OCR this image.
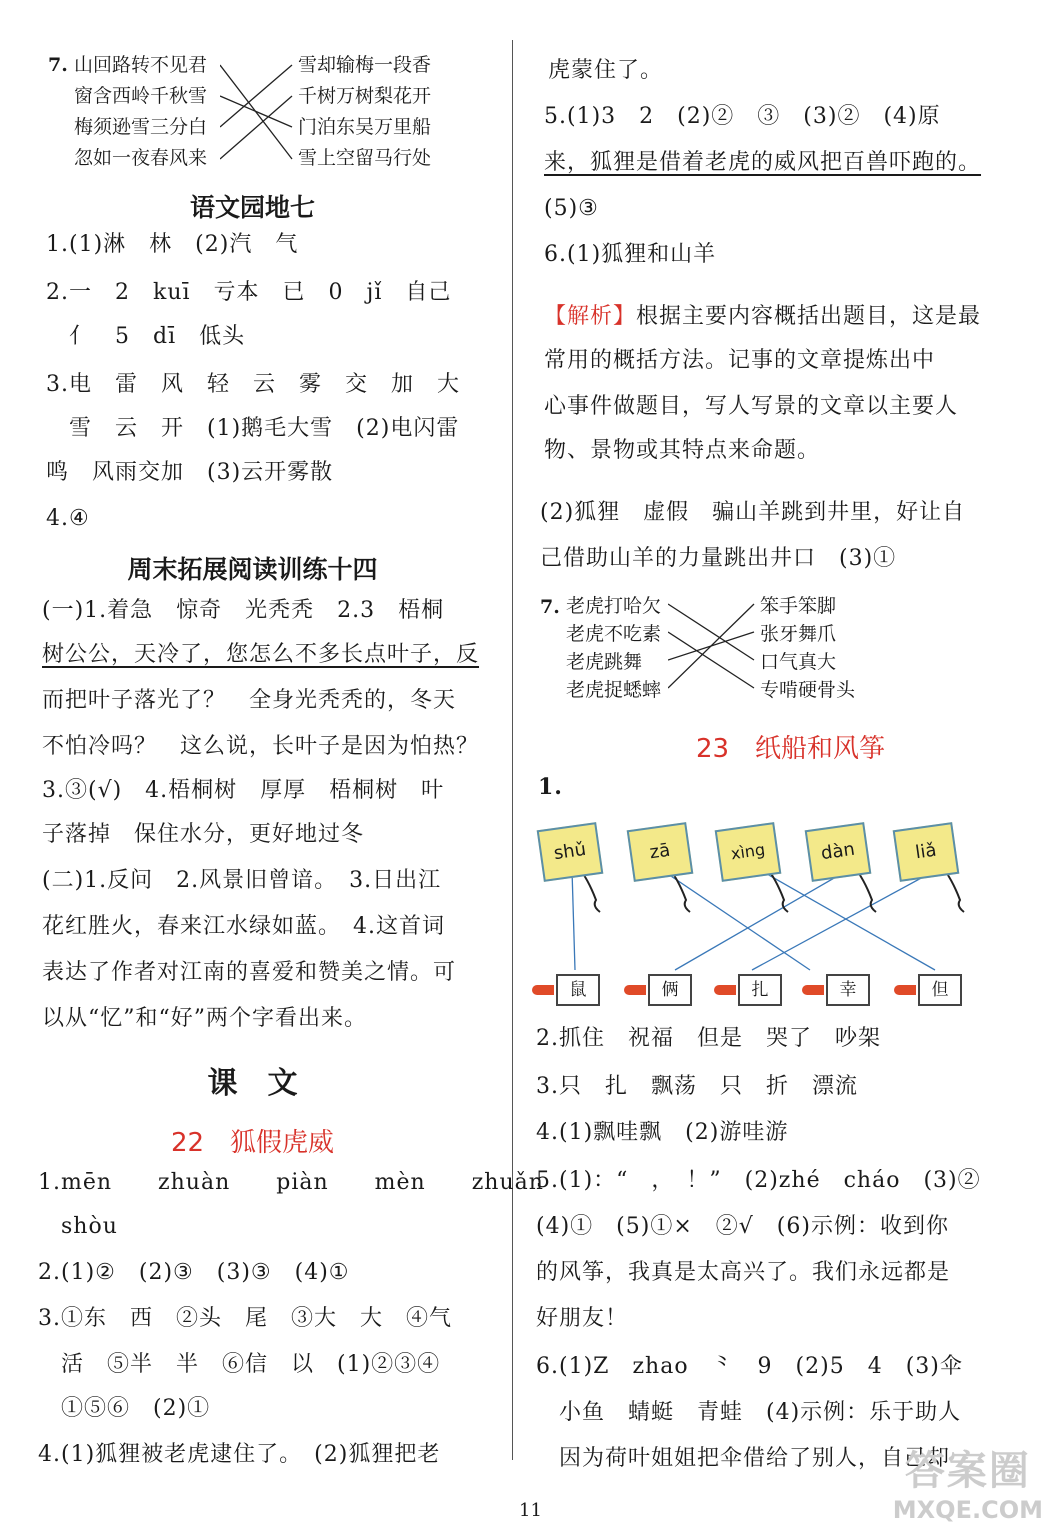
7. 山回路转不见君
窗含西岭千秋雪
梅须逊雪三分白
忽如一夜春风来
雪却输梅一段香
千树万树梨花开
门泊东吴万里船
雪上空留马行处
语文园地七
1.(1)淋　林　(2)汽　气
2.一　2　kuī　亏本　已　0　jǐ　自己
　亻　5　dī　低头
3.电　雷　风　轻　云　雾　交　加　大
　雪　云　开　(1)鹅毛大雪　(2)电闪雷
鸣　风雨交加　(3)云开雾散
4.④
周末拓展阅读训练十四
(一)1.着急　惊奇　光秃秃　2.3　梧桐
树公公，天冷了，您怎么不多长点叶子，反
而把叶子落光了？　全身光秃秃的，冬天
不怕冷吗？　这么说，长叶子是因为怕热？
3.③(√)　4.梧桐树　厚厚　梧桐树　叶
子落掉　保住水分，更好地过冬
(二)1.反问　2.风景旧曾谙。　3.日出江
花红胜火，春来江水绿如蓝。　4.这首词
表达了作者对江南的喜爱和赞美之情。可
以从“忆”和“好”两个字看出来。
课　文
22　狐假虎威
1.mēn　　zhuàn　　piàn　　mèn　　zhuǎn
　shòu
2.(1)②　(2)③　(3)③　(4)①
3.①东　西　②头　尾　③大　大　④气
　活　⑤半　半　⑥信　以　(1)②③④
　①⑤⑥　(2)①
4.(1)狐狸被老虎逮住了。　(2)狐狸把老
虎蒙住了。
5.(1)3　2　(2)②　③　(3)②　(4)原
来，狐狸是借着老虎的威风把百兽吓跑的。
(5)③
6.(1)狐狸和山羊
【解析】根据主要内容概括出题目，这是最
常用的概括方法。记事的文章提炼出中
心事件做题目，写人写景的文章以主要人
物、景物或其特点来命题。
(2)狐狸　虚假　骗山羊跳到井里，好让自
己借助山羊的力量跳出井口　(3)①
7. 老虎打哈欠
老虎不吃素
老虎跳舞
老虎捉蟋蟀
笨手笨脚
张牙舞爪
口气真大
专啃硬骨头
23　纸船和风筝
1.
shǔ	zā	xìng	dàn	liǎ
鼠	俩	扎	幸	但
2.抓住　祝福　但是　哭了　吵架
3.只　扎　飘荡　只　折　漂流
4.(1)飘哇飘　(2)游哇游
5.(1)：“　，　！”　(2)zhé　cháo　(3)②
(4)①　(5)①×　②√　(6)示例：收到你
的风筝，我真是太高兴了。我们永远都是
好朋友！
6.(1)Z　zhao　⺀　9　(2)5　4　(3)伞
　小鱼　蜻蜓　青蛙　(4)示例：乐于助人
　因为荷叶姐姐把伞借给了别人，自己却
11
答案圈
MXQE.COM
